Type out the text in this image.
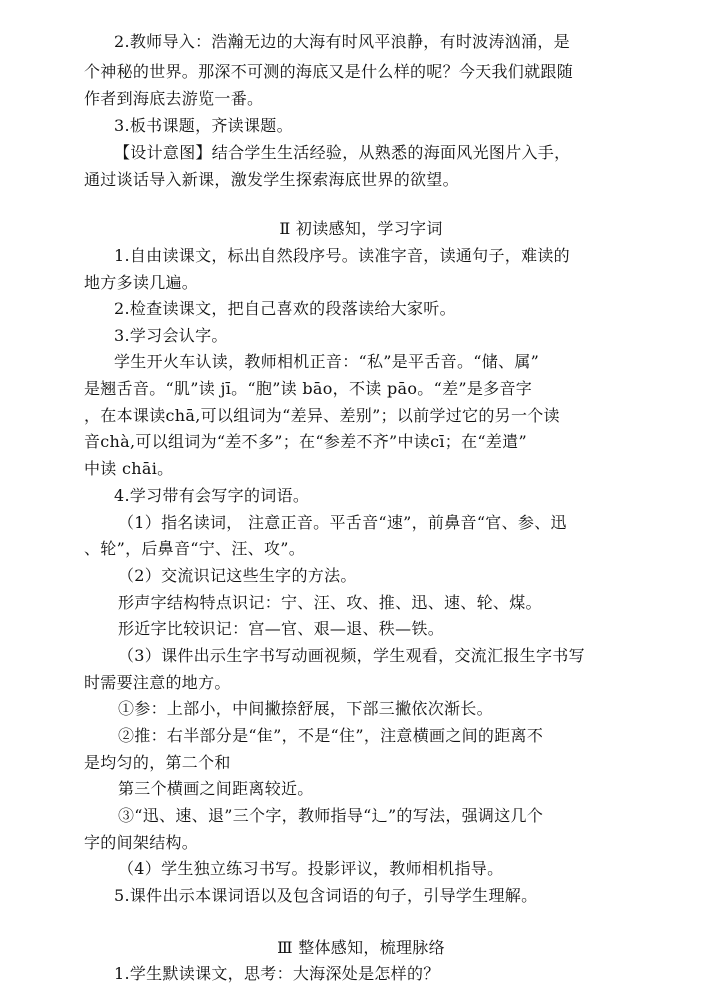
2.教师导入：浩瀚无边的大海有时风平浪静，有时波涛汹涌，是
个神秘的世界。那深不可测的海底又是什么样的呢？今天我们就跟随
作者到海底去游览一番。
3.板书课题，齐读课题。
【设计意图】结合学生生活经验，从熟悉的海面风光图片入手，
通过谈话导入新课，激发学生探索海底世界的欲望。
Ⅱ 初读感知，学习字词
1.自由读课文，标出自然段序号。读准字音，读通句子，难读的
地方多读几遍。
2.检查读课文，把自己喜欢的段落读给大家听。
3.学习会认字。
学生开火车认读，教师相机正音：“私”是平舌音。“储、属”
是翘舌音。“肌”读 jī。“胞”读 bāo，不读 pāo。“差”是多音字
，在本课读chā,可以组词为“差异、差别”；以前学过它的另一个读
音chà,可以组词为“差不多”；在“参差不齐”中读cī；在“差遣”
中读 chāi。
4.学习带有会写字的词语。
（1）指名读词， 注意正音。平舌音“速”，前鼻音“官、参、迅
、轮”，后鼻音“宁、汪、攻”。
（2）交流识记这些生字的方法。
形声字结构特点识记：宁、汪、攻、推、迅、速、轮、煤。
形近字比较识记：宫—官、艰—退、秩—铁。
（3）课件出示生字书写动画视频，学生观看，交流汇报生字书写
时需要注意的地方。
①参：上部小，中间撇捺舒展，下部三撇依次渐长。
②推：右半部分是“隹”，不是“住”，注意横画之间的距离不
是均匀的，第二个和
第三个横画之间距离较近。
③“迅、速、退”三个字，教师指导“辶”的写法，强调这几个
字的间架结构。
（4）学生独立练习书写。投影评议，教师相机指导。
5.课件出示本课词语以及包含词语的句子，引导学生理解。
Ⅲ 整体感知，梳理脉络
1.学生默读课文，思考：大海深处是怎样的？
